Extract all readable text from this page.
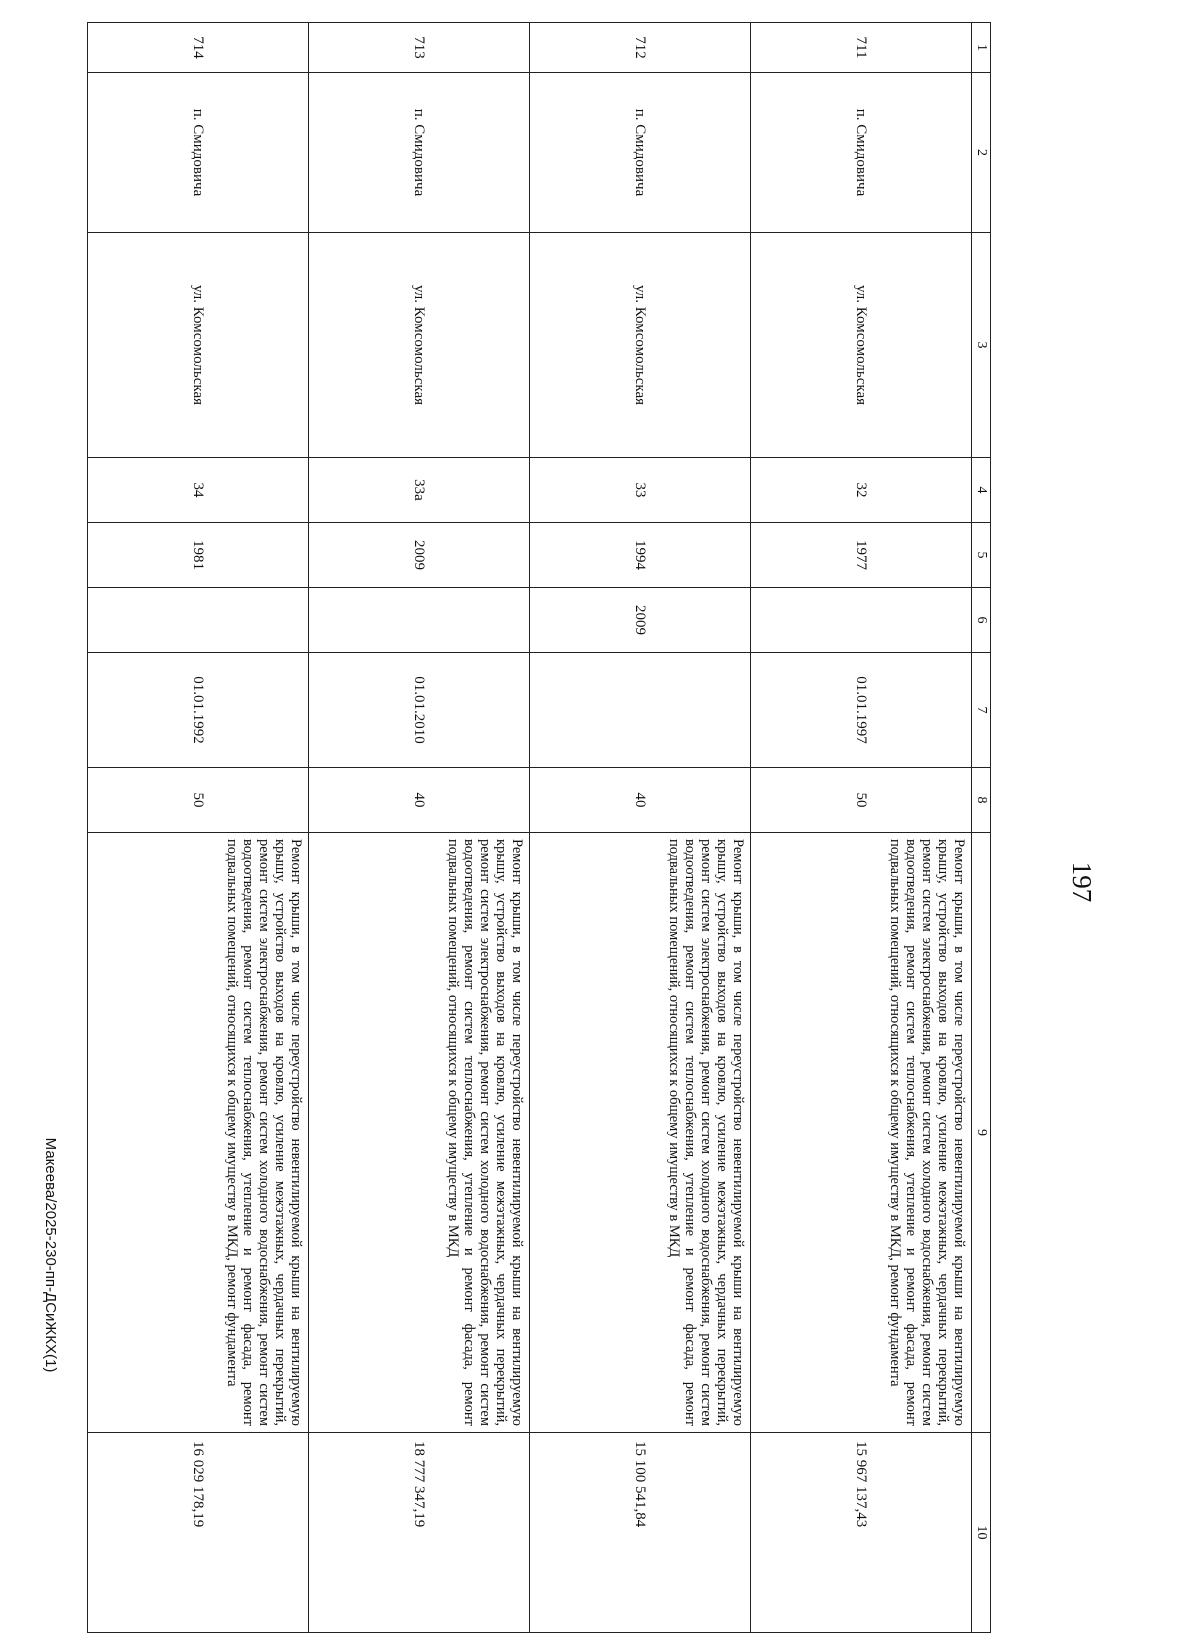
197
1	2	3	4	5	6	7	8	9	10
711	п. Смидовича	ул. Комсомольская	32	1977		01.01.1997	50	Ремонт крыши, в том числе переустройство невентилируемой крыши на вентилируемую крышу, устройство выходов на кровлю, усиление межэтажных, чердачных перекрытий, ремонт систем электроснабжения, ремонт систем холодного водоснабжения, ремонт систем водоотведения, ремонт систем теплоснабжения, утепление и ремонт фасада, ремонт подвальных помещений, относящихся к общему имуществу в МКД, ремонт фундамента	15 967 137,43
712	п. Смидовича	ул. Комсомольская	33	1994	2009		40	Ремонт крыши, в том числе переустройство невентилируемой крыши на вентилируемую крышу, устройство выходов на кровлю, усиление межэтажных, чердачных перекрытий, ремонт систем электроснабжения, ремонт систем холодного водоснабжения, ремонт систем водоотведения, ремонт систем теплоснабжения, утепление и ремонт фасада, ремонт подвальных помещений, относящихся к общему имуществу в МКД	15 100 541,84
713	п. Смидовича	ул. Комсомольская	33а	2009		01.01.2010	40	Ремонт крыши, в том числе переустройство невентилируемой крыши на вентилируемую крышу, устройство выходов на кровлю, усиление межэтажных, чердачных перекрытий, ремонт систем электроснабжения, ремонт систем холодного водоснабжения, ремонт систем водоотведения, ремонт систем теплоснабжения, утепление и ремонт фасада, ремонт подвальных помещений, относящихся к общему имуществу в МКД	18 777 347,19
714	п. Смидовича	ул. Комсомольская	34	1981		01.01.1992	50	Ремонт крыши, в том числе переустройство невентилируемой крыши на вентилируемую крышу, устройство выходов на кровлю, усиление межэтажных, чердачных перекрытий, ремонт систем электроснабжения, ремонт систем холодного водоснабжения, ремонт систем водоотведения, ремонт систем теплоснабжения, утепление и ремонт фасада, ремонт подвальных помещений, относящихся к общему имуществу в МКД, ремонт фундамента	16 029 178,19
Макеева/2025-230-пп-ДСиЖКХ(1)
